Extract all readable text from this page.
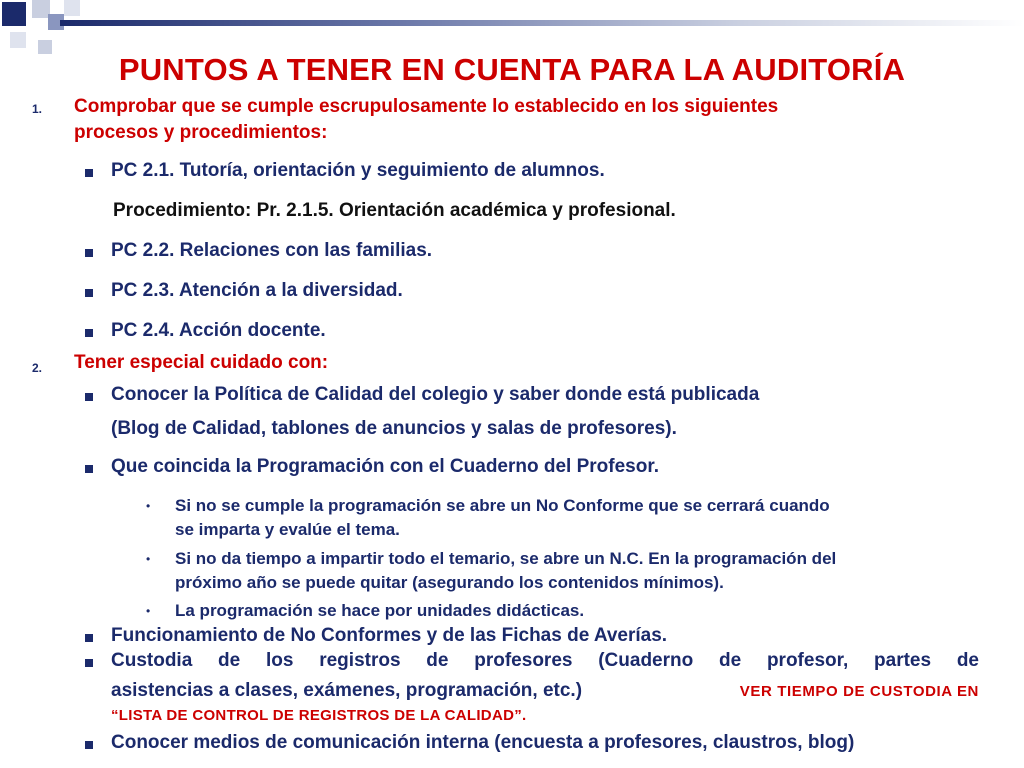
PUNTOS A TENER EN CUENTA PARA LA AUDITORÍA
1. Comprobar que se cumple escrupulosamente lo establecido en los siguientes
procesos y procedimientos:
PC 2.1. Tutoría, orientación y seguimiento de alumnos.
Procedimiento: Pr. 2.1.5. Orientación académica y profesional.
PC 2.2. Relaciones con las familias.
PC 2.3. Atención a la diversidad.
PC 2.4. Acción docente.
2. Tener especial cuidado con:
Conocer la Política de Calidad del colegio y saber donde está publicada
(Blog de Calidad, tablones de anuncios y salas de profesores).
Que coincida la Programación con el Cuaderno del Profesor.
• Si no se cumple la programación se abre un No Conforme que se cerrará cuando
se imparta y evalúe el tema.
• Si no da tiempo a impartir todo el temario, se abre un N.C. En la programación del
próximo año se puede quitar (asegurando los contenidos mínimos).
• La programación se hace por unidades didácticas.
Funcionamiento de No Conformes y de las Fichas de Averías.
Custodia de los registros de profesores (Cuaderno de profesor, partes de
asistencias a clases, exámenes, programación, etc.)	VER TIEMPO DE CUSTODIA EN
“LISTA DE CONTROL DE REGISTROS DE LA CALIDAD”.
Conocer medios de comunicación interna (encuesta a profesores, claustros, blog)
